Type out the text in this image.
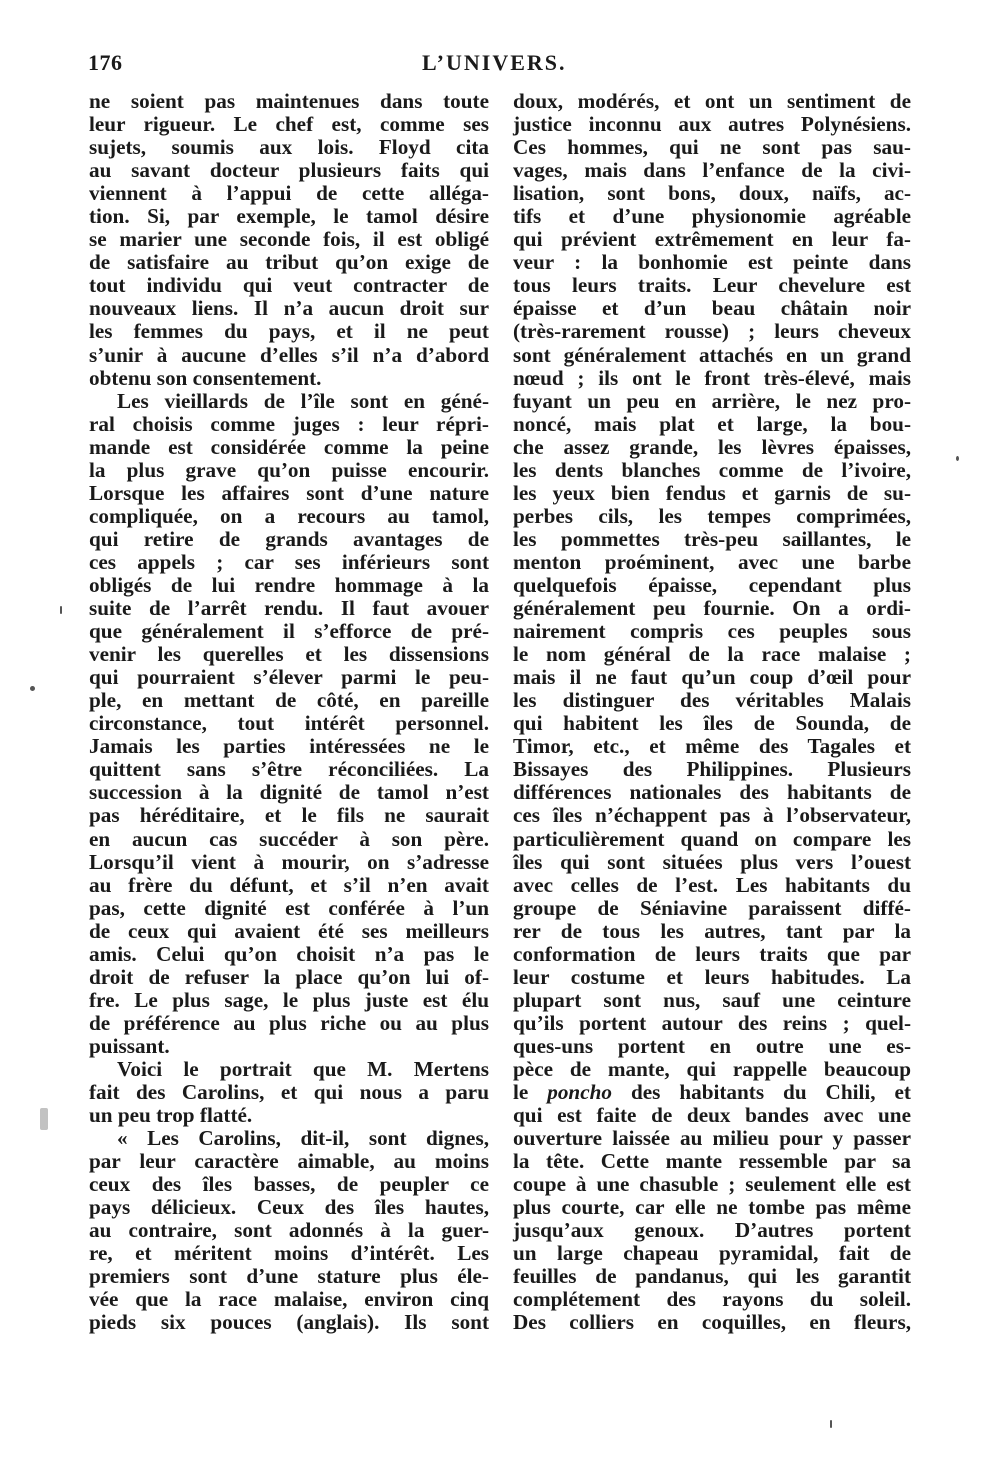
176	L’UNIVERS.
ne soient pas maintenues dans toute
leur rigueur. Le chef est, comme ses
sujets, soumis aux lois. Floyd cita
au savant docteur plusieurs faits qui
viennent à l’appui de cette alléga-
tion. Si, par exemple, le tamol désire
se marier une seconde fois, il est obligé
de satisfaire au tribut qu’on exige de
tout individu qui veut contracter de
nouveaux liens. Il n’a aucun droit sur
les femmes du pays, et il ne peut
s’unir à aucune d’elles s’il n’a d’abord
obtenu son consentement.
Les vieillards de l’île sont en géné-
ral choisis comme juges : leur répri-
mande est considérée comme la peine
la plus grave qu’on puisse encourir.
Lorsque les affaires sont d’une nature
compliquée, on a recours au tamol,
qui retire de grands avantages de
ces appels ; car ses inférieurs sont
obligés de lui rendre hommage à la
suite de l’arrêt rendu. Il faut avouer
que généralement il s’efforce de pré-
venir les querelles et les dissensions
qui pourraient s’élever parmi le peu-
ple, en mettant de côté, en pareille
circonstance, tout intérêt personnel.
Jamais les parties intéressées ne le
quittent sans s’être réconciliées. La
succession à la dignité de tamol n’est
pas héréditaire, et le fils ne saurait
en aucun cas succéder à son père.
Lorsqu’il vient à mourir, on s’adresse
au frère du défunt, et s’il n’en avait
pas, cette dignité est conférée à l’un
de ceux qui avaient été ses meilleurs
amis. Celui qu’on choisit n’a pas le
droit de refuser la place qu’on lui of-
fre. Le plus sage, le plus juste est élu
de préférence au plus riche ou au plus
puissant.
Voici le portrait que M. Mertens
fait des Carolins, et qui nous a paru
un peu trop flatté.
« Les Carolins, dit-il, sont dignes,
par leur caractère aimable, au moins
ceux des îles basses, de peupler ce
pays délicieux. Ceux des îles hautes,
au contraire, sont adonnés à la guer-
re, et méritent moins d’intérêt. Les
premiers sont d’une stature plus éle-
vée que la race malaise, environ cinq
pieds six pouces (anglais). Ils sont
doux, modérés, et ont un sentiment de
justice inconnu aux autres Polynésiens.
Ces hommes, qui ne sont pas sau-
vages, mais dans l’enfance de la civi-
lisation, sont bons, doux, naïfs, ac-
tifs et d’une physionomie agréable
qui prévient extrêmement en leur fa-
veur : la bonhomie est peinte dans
tous leurs traits. Leur chevelure est
épaisse et d’un beau châtain noir
(très-rarement rousse) ; leurs cheveux
sont généralement attachés en un grand
nœud ; ils ont le front très-élevé, mais
fuyant un peu en arrière, le nez pro-
noncé, mais plat et large, la bou-
che assez grande, les lèvres épaisses,
les dents blanches comme de l’ivoire,
les yeux bien fendus et garnis de su-
perbes cils, les tempes comprimées,
les pommettes très-peu saillantes, le
menton proéminent, avec une barbe
quelquefois épaisse, cependant plus
généralement peu fournie. On a ordi-
nairement compris ces peuples sous
le nom général de la race malaise ;
mais il ne faut qu’un coup d’œil pour
les distinguer des véritables Malais
qui habitent les îles de Sounda, de
Timor, etc., et même des Tagales et
Bissayes des Philippines. Plusieurs
différences nationales des habitants de
ces îles n’échappent pas à l’observateur,
particulièrement quand on compare les
îles qui sont situées plus vers l’ouest
avec celles de l’est. Les habitants du
groupe de Séniavine paraissent diffé-
rer de tous les autres, tant par la
conformation de leurs traits que par
leur costume et leurs habitudes. La
plupart sont nus, sauf une ceinture
qu’ils portent autour des reins ; quel-
ques-uns portent en outre une es-
pèce de mante, qui rappelle beaucoup
le poncho des habitants du Chili, et
qui est faite de deux bandes avec une
ouverture laissée au milieu pour y passer
la tête. Cette mante ressemble par sa
coupe à une chasuble ; seulement elle est
plus courte, car elle ne tombe pas même
jusqu’aux genoux. D’autres portent
un large chapeau pyramidal, fait de
feuilles de pandanus, qui les garantit
complétement des rayons du soleil.
Des colliers en coquilles, en fleurs,
